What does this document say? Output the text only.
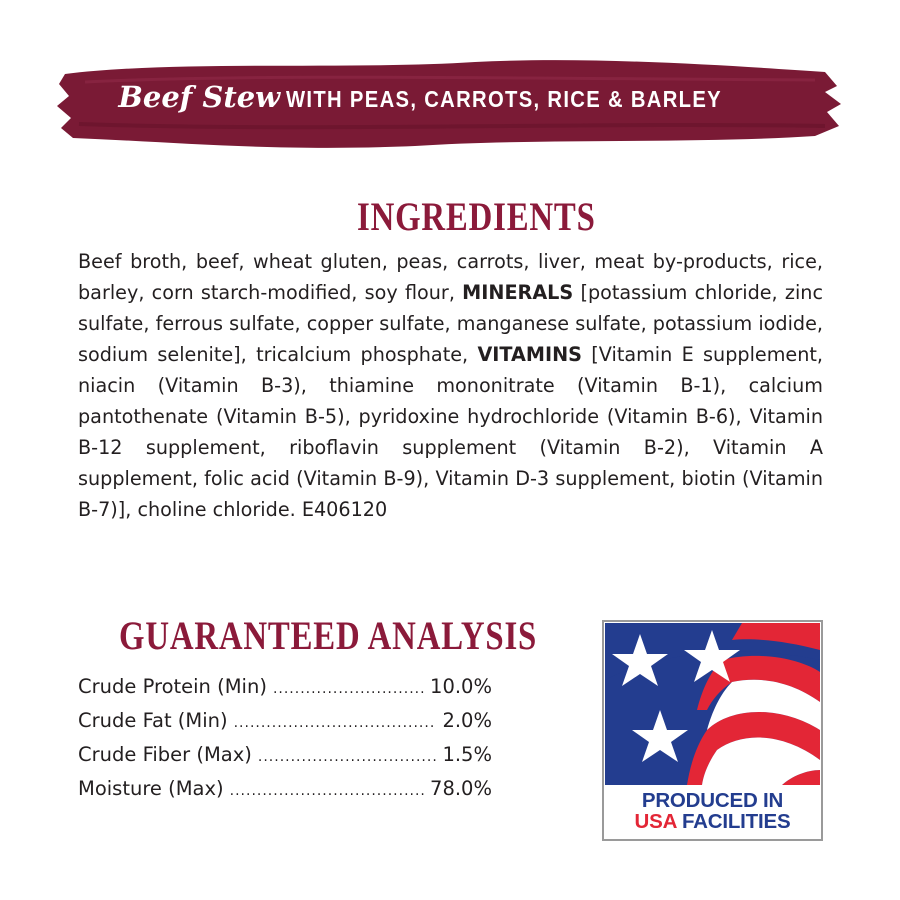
Beef Stew WITH PEAS, CARROTS, RICE & BARLEY
INGREDIENTS
Beef broth, beef, wheat gluten, peas, carrots, liver, meat by-products, rice, barley, corn starch-modified, soy flour, MINERALS [potassium chloride, zinc sulfate, ferrous sulfate, copper sulfate, manganese sulfate, potassium iodide, sodium selenite], tricalcium phosphate, VITAMINS [Vitamin E supplement, niacin (Vitamin B-3), thiamine mononitrate (Vitamin B-1), calcium pantothenate (Vitamin B-5), pyridoxine hydrochloride (Vitamin B-6), Vitamin B-12 supplement, riboflavin supplement (Vitamin B-2), Vitamin A supplement, folic acid (Vitamin B-9), Vitamin D-3 supplement, biotin (Vitamin B-7)], choline chloride. E406120
GUARANTEED ANALYSIS
Crude Protein (Min) .....	10.0%
Crude Fat (Min) .....	2.0%
Crude Fiber (Max) .....	1.5%
Moisture (Max) .....	78.0%
PRODUCED IN
USA FACILITIES
